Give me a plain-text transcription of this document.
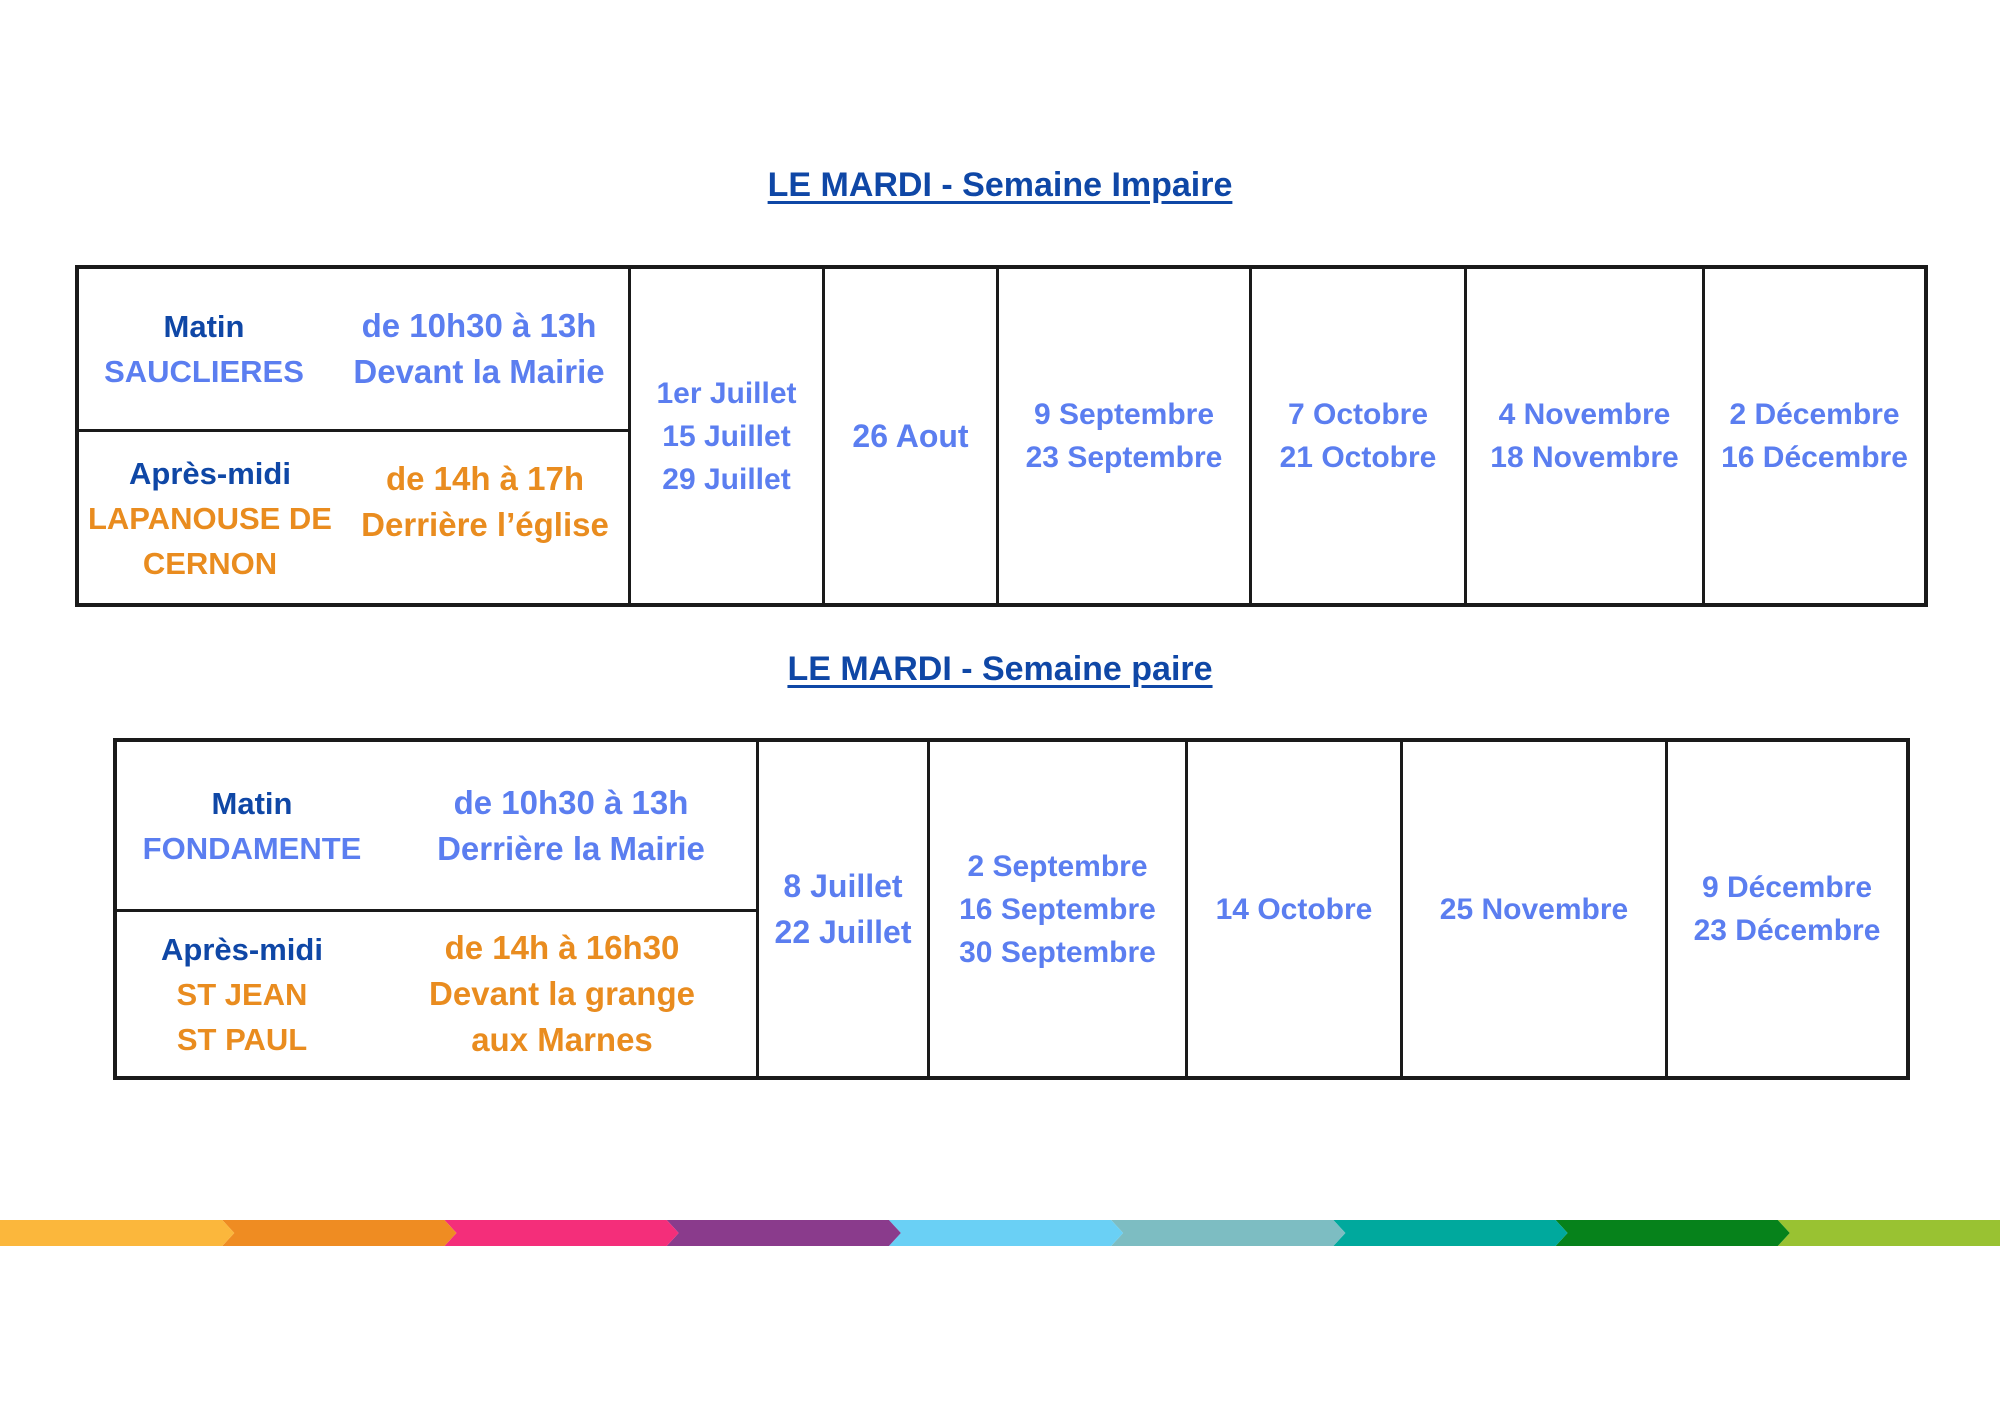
LE MARDI - Semaine Impaire
Matin
SAUCLIERES
de 10h30 à 13h
Devant la Mairie
Après-midi
LAPANOUSE DE
CERNON
de 14h à 17h
Derrière l’église
1er Juillet
15 Juillet
29 Juillet
26 Aout
9 Septembre
23 Septembre
7 Octobre
21 Octobre
4 Novembre
18 Novembre
2 Décembre
16 Décembre
LE MARDI - Semaine paire
Matin
FONDAMENTE
de 10h30 à 13h
Derrière la Mairie
Après-midi
ST JEAN
ST PAUL
de 14h à 16h30
Devant la grange
aux Marnes
8 Juillet
22 Juillet
2 Septembre
16 Septembre
30 Septembre
14 Octobre 25 Novembre
9 Décembre
23 Décembre
